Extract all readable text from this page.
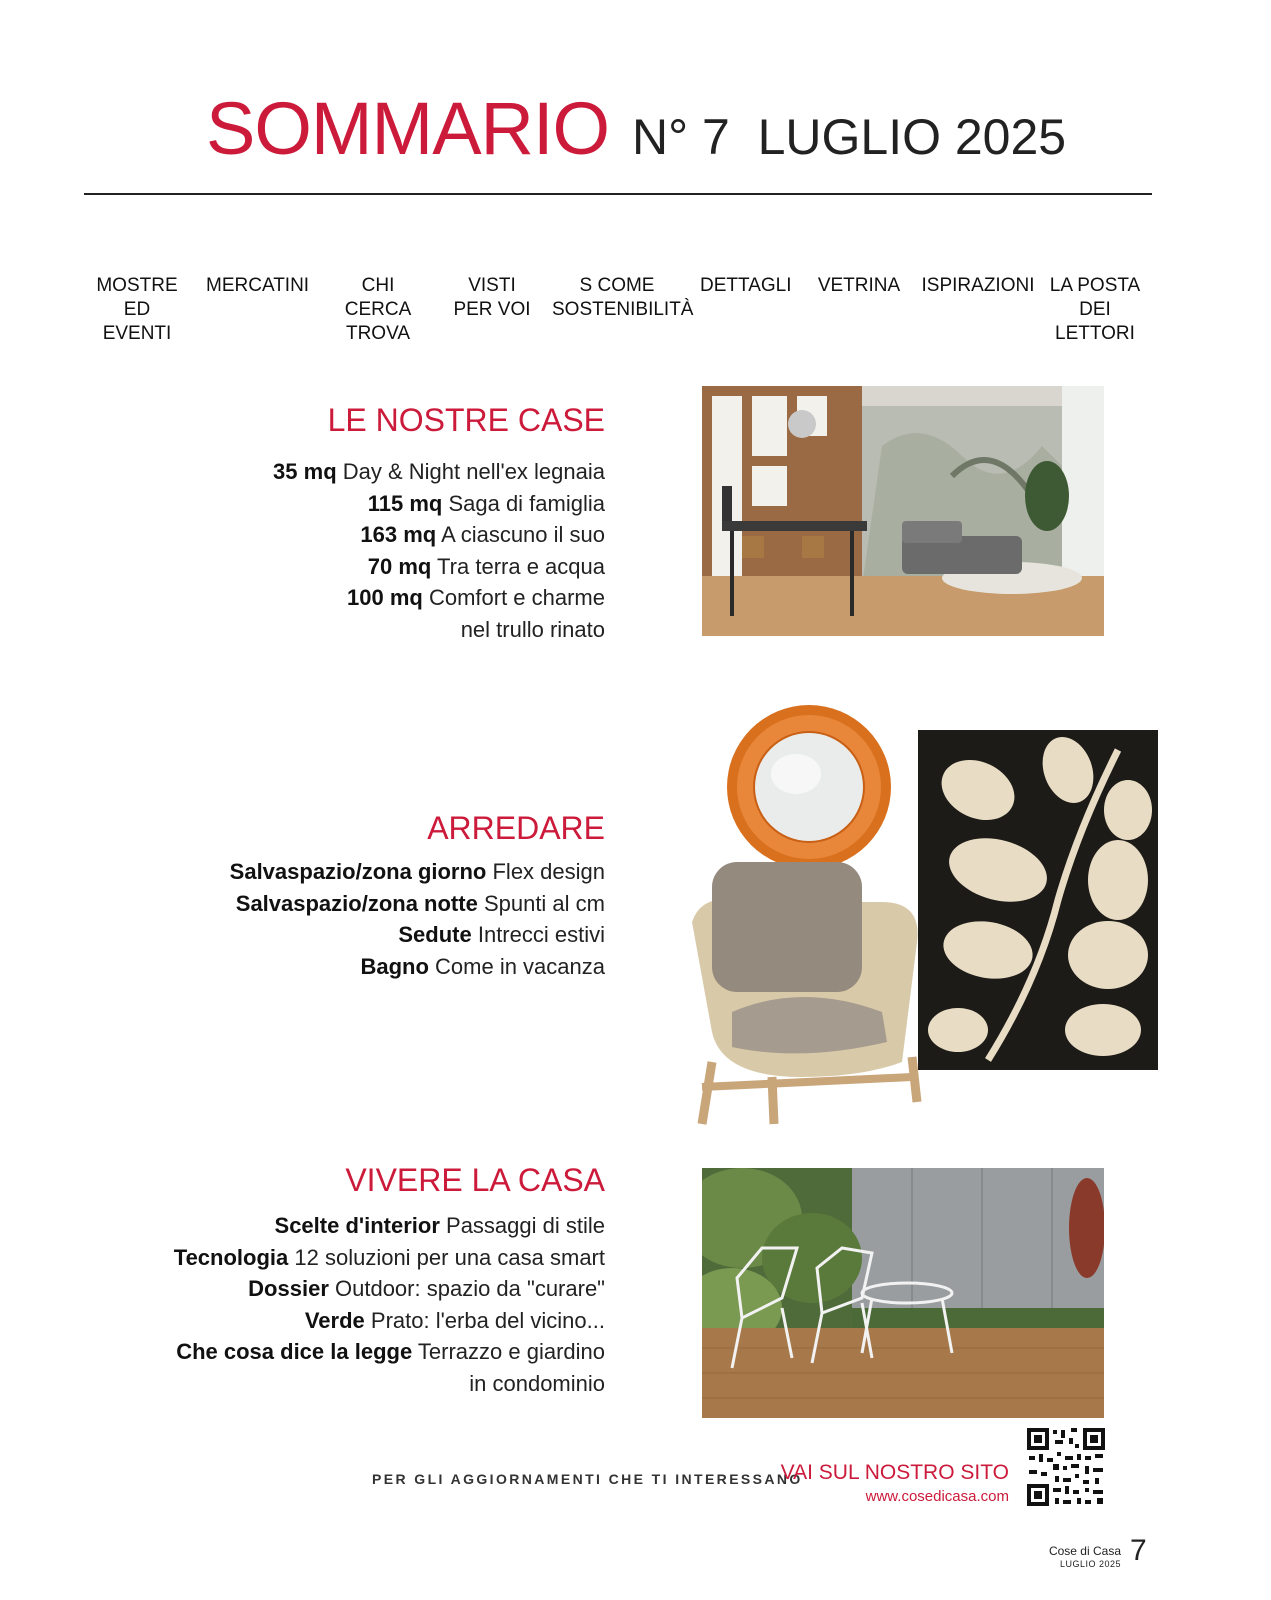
SOMMARIO N° 7  LUGLIO 2025
MOSTRE
ED EVENTI
MERCATINI	CHI CERCA
TROVA
VISTI
PER VOI
S COME
SOSTENIBILITÀ
DETTAGLI VETRINA ISPIRAZIONI LA POSTA
DEI LETTORI
LE NOSTRE CASE
35 mq Day & Night nell'ex legnaia
115 mq Saga di famiglia
163 mq A ciascuno il suo
70 mq Tra terra e acqua
100 mq Comfort e charme
nel trullo rinato
ARREDARE
Salvaspazio/zona giorno Flex design
Salvaspazio/zona notte Spunti al cm
Sedute Intrecci estivi
Bagno Come in vacanza
VIVERE LA CASA
Scelte d'interior Passaggi di stile
Tecnologia 12 soluzioni per una casa smart
Dossier Outdoor: spazio da "curare"
Verde Prato: l'erba del vicino...
Che cosa dice la legge Terrazzo e giardino
in condominio
PER GLI AGGIORNAMENTI CHE TI INTERESSANO
VAI SUL NOSTRO SITO
www.cosedicasa.com
Cose di Casa
LUGLIO 2025 7
